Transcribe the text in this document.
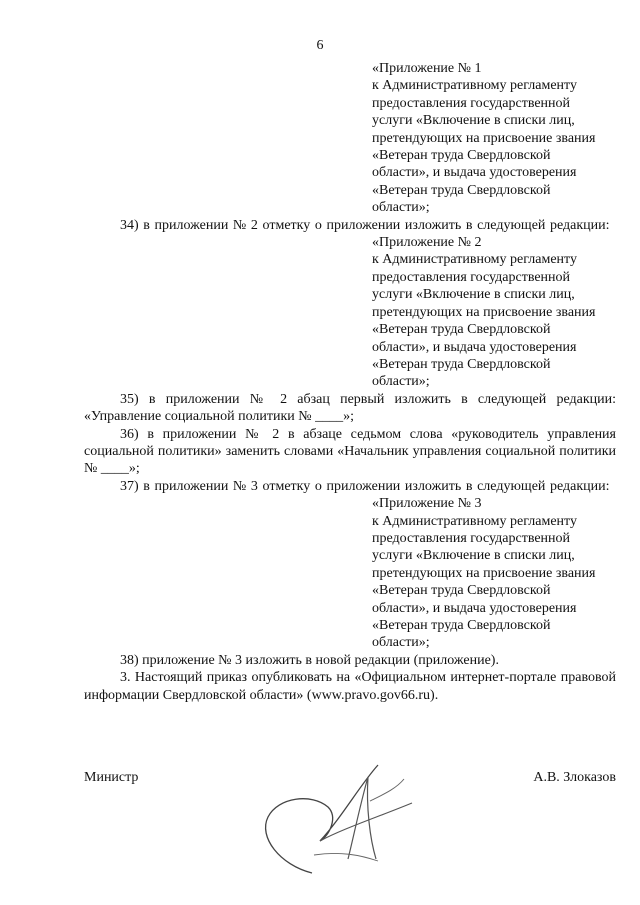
6
«Приложение № 1
к Административному регламенту
предоставления государственной
услуги «Включение в списки лиц,
претендующих на присвоение звания
«Ветеран труда Свердловской
области», и выдача удостоверения
«Ветеран труда Свердловской
области»;

34) в приложении № 2 отметку о приложении изложить в следующей редакции:

«Приложение № 2
к Административному регламенту
предоставления государственной
услуги «Включение в списки лиц,
претендующих на присвоение звания
«Ветеран труда Свердловской
области», и выдача удостоверения
«Ветеран труда Свердловской
области»;

35) в приложении № 2 абзац первый изложить в следующей редакции: «Управление социальной политики № ____»;

36) в приложении № 2 в абзаце седьмом слова «руководитель управления социальной политики» заменить словами «Начальник управления социальной политики № ____»;

37) в приложении № 3 отметку о приложении изложить в следующей редакции:

«Приложение № 3
к Административному регламенту
предоставления государственной
услуги «Включение в списки лиц,
претендующих на присвоение звания
«Ветеран труда Свердловской
области», и выдача удостоверения
«Ветеран труда Свердловской
области»;

38) приложение № 3 изложить в новой редакции (приложение).

3. Настоящий приказ опубликовать на «Официальном интернет-портале правовой информации Свердловской области» (www.pravo.gov66.ru).

Министр	А.В. Злоказов
